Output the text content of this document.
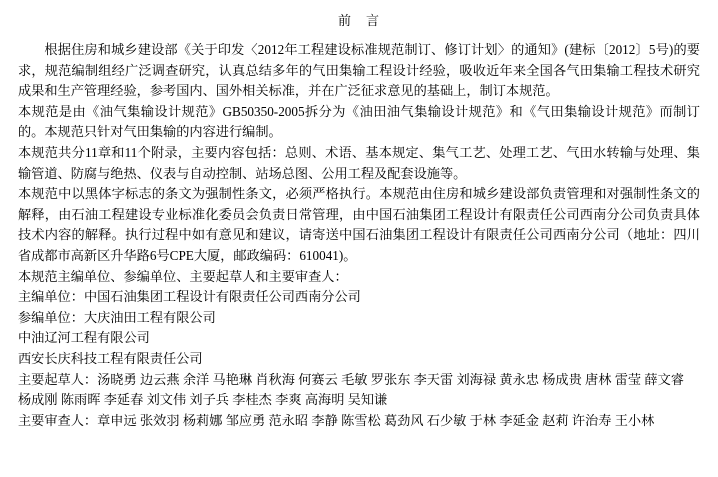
前　言

根据住房和城乡建设部《关于印发〈2012年工程建设标准规范制订、修订计划〉的通知》(建标〔2012〕5号)的要求，规范编制组经广泛调查研究，认真总结多年的气田集输工程设计经验，吸收近年来全国各气田集输工程技术研究成果和生产管理经验，参考国内、国外相关标准，并在广泛征求意见的基础上，制订本规范。

本规范是由《油气集输设计规范》GB50350-2005拆分为《油田油气集输设计规范》和《气田集输设计规范》而制订的。本规范只针对气田集输的内容进行编制。

本规范共分11章和11个附录，主要内容包括：总则、术语、基本规定、集气工艺、处理工艺、气田水转输与处理、集输管道、防腐与绝热、仪表与自动控制、站场总图、公用工程及配套设施等。

本规范中以黑体字标志的条文为强制性条文，必须严格执行。本规范由住房和城乡建设部负责管理和对强制性条文的解释，由石油工程建设专业标准化委员会负责日常管理，由中国石油集团工程设计有限责任公司西南分公司负责具体技术内容的解释。执行过程中如有意见和建议，请寄送中国石油集团工程设计有限责任公司西南分公司（地址：四川省成都市高新区升华路6号CPE大厦，邮政编码：610041)。

本规范主编单位、参编单位、主要起草人和主要审查人：

主编单位：中国石油集团工程设计有限责任公司西南分公司
参编单位：大庆油田工程有限公司
中油辽河工程有限公司
西安长庆科技工程有限责任公司
主要起草人：汤晓勇 边云燕 余洋 马艳琳 肖秋海 何赛云 毛敏 罗张东 李天雷 刘海禄 黄永忠 杨成贵 唐林 雷莹 薛文睿 杨成刚 陈雨晖 李延春 刘文伟 刘子兵 李桂杰 李爽 高海明 吴知谦
主要审查人：章申远 张效羽 杨莉娜 邹应勇 范永昭 李静 陈雪松 葛劲风 石少敏 于林 李延金 赵莉 许治寿 王小林
